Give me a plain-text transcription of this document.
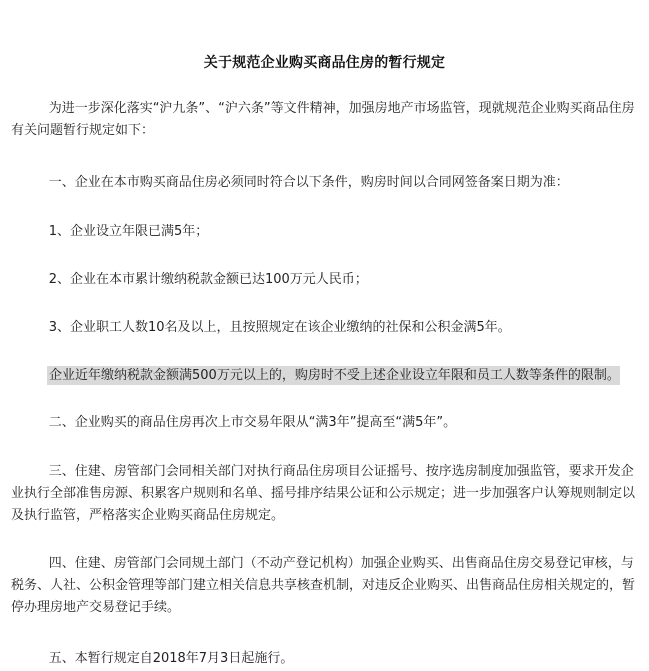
关于规范企业购买商品住房的暂行规定

为进一步深化落实“沪九条”、“沪六条”等文件精神，加强房地产市场监管，现就规范企业购买商品住房有关问题暂行规定如下：

一、企业在本市购买商品住房必须同时符合以下条件，购房时间以合同网签备案日期为准：

1、企业设立年限已满5年；

2、企业在本市累计缴纳税款金额已达100万元人民币；

3、企业职工人数10名及以上，且按照规定在该企业缴纳的社保和公积金满5年。

企业近年缴纳税款金额满500万元以上的，购房时不受上述企业设立年限和员工人数等条件的限制。

二、企业购买的商品住房再次上市交易年限从“满3年”提高至“满5年”。

三、住建、房管部门会同相关部门对执行商品住房项目公证摇号、按序选房制度加强监管，要求开发企业执行全部准售房源、积累客户规则和名单、摇号排序结果公证和公示规定；进一步加强客户认筹规则制定以及执行监管，严格落实企业购买商品住房规定。

四、住建、房管部门会同规土部门（不动产登记机构）加强企业购买、出售商品住房交易登记审核，与税务、人社、公积金管理等部门建立相关信息共享核查机制，对违反企业购买、出售商品住房相关规定的，暂停办理房地产交易登记手续。

五、本暂行规定自2018年7月3日起施行。
